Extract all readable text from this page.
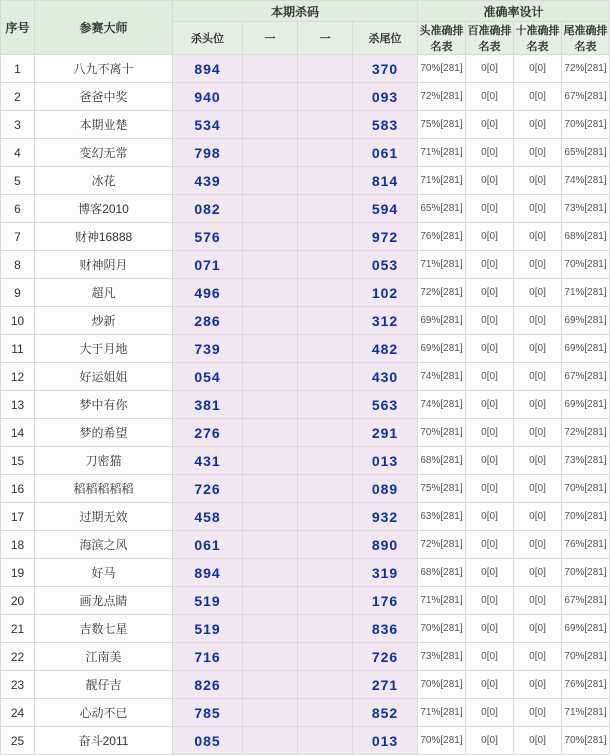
序号	参赛大师	本期杀码				准确率设计			
		杀头位	一	一	杀尾位	头准确排名表	百准确排名表	十准确排名表	尾准确排名表
1	八九不离十	894			370	70%[281]	0[0]	0[0]	72%[281]
2	爸爸中奖	940			093	72%[281]	0[0]	0[0]	67%[281]
3	本期业楚	534			583	75%[281]	0[0]	0[0]	70%[281]
4	变幻无常	798			061	71%[281]	0[0]	0[0]	65%[281]
5	冰花	439			814	71%[281]	0[0]	0[0]	74%[281]
6	博客2010	082			594	65%[281]	0[0]	0[0]	73%[281]
7	财神16888	576			972	76%[281]	0[0]	0[0]	68%[281]
8	财神阴月	071			053	71%[281]	0[0]	0[0]	70%[281]
9	超凡	496			102	72%[281]	0[0]	0[0]	71%[281]
10	炒新	286			312	69%[281]	0[0]	0[0]	69%[281]
11	大于月地	739			482	69%[281]	0[0]	0[0]	69%[281]
12	好运姐姐	054			430	74%[281]	0[0]	0[0]	67%[281]
13	梦中有你	381			563	74%[281]	0[0]	0[0]	69%[281]
14	梦的希望	276			291	70%[281]	0[0]	0[0]	72%[281]
15	刀密猫	431			013	68%[281]	0[0]	0[0]	73%[281]
16	稻稻稻稻稻	726			089	75%[281]	0[0]	0[0]	70%[281]
17	过期无效	458			932	63%[281]	0[0]	0[0]	70%[281]
18	海滨之风	061			890	72%[281]	0[0]	0[0]	76%[281]
19	好马	894			319	68%[281]	0[0]	0[0]	70%[281]
20	画龙点睛	519			176	71%[281]	0[0]	0[0]	67%[281]
21	吉数七星	519			836	70%[281]	0[0]	0[0]	69%[281]
22	江南美	716			726	73%[281]	0[0]	0[0]	70%[281]
23	靓仔吉	826			271	70%[281]	0[0]	0[0]	76%[281]
24	心动不已	785			852	71%[281]	0[0]	0[0]	71%[281]
25	奋斗2011	085			013	70%[281]	0[0]	0[0]	70%[281]
